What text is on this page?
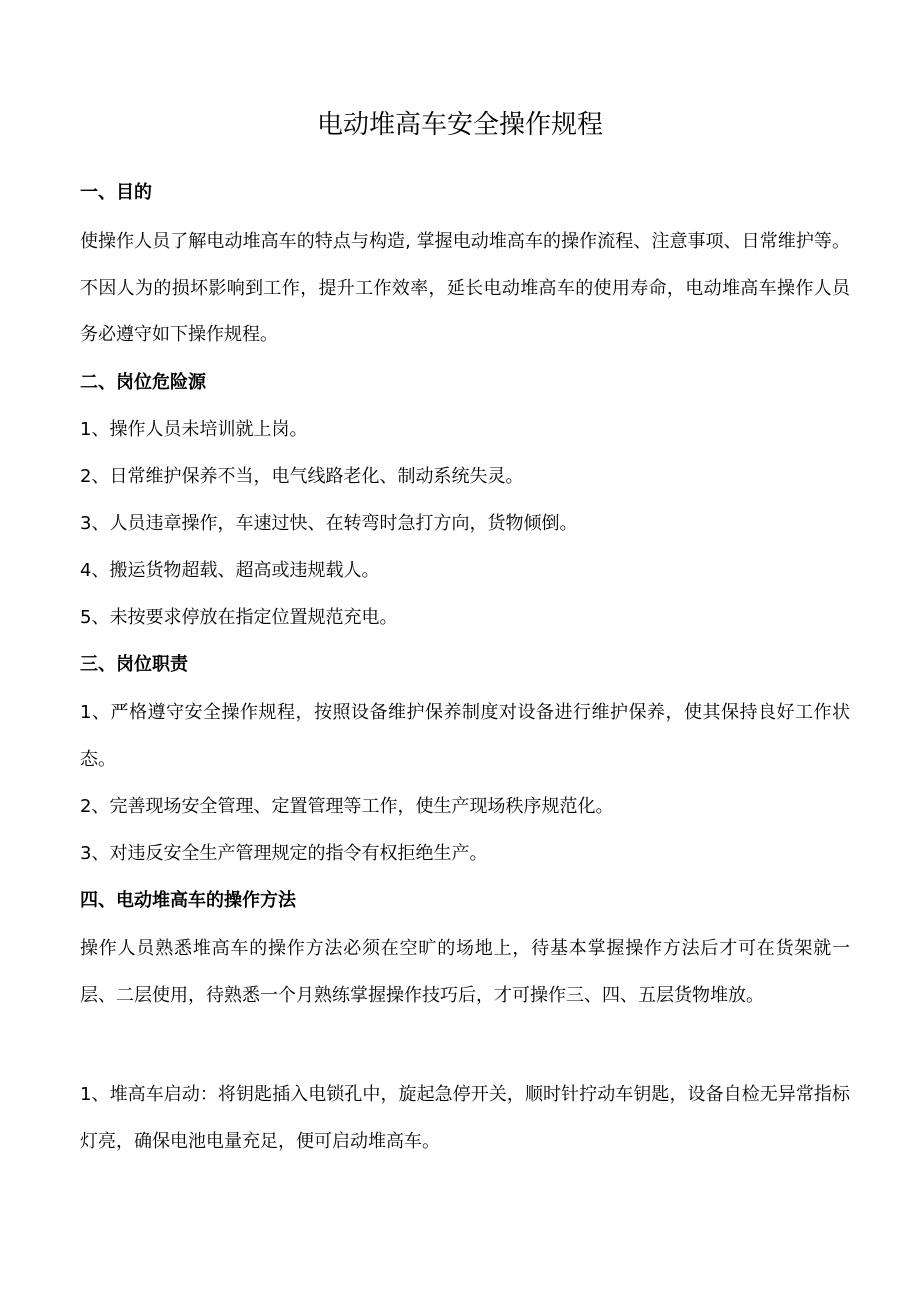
电动堆高车安全操作规程

一、目的

使操作人员了解电动堆高车的特点与构造, 掌握电动堆高车的操作流程、注意事项、日常维护等。不因人为的损坏影响到工作，提升工作效率，延长电动堆高车的使用寿命，电动堆高车操作人员务必遵守如下操作规程。

二、岗位危险源

1、操作人员未培训就上岗。

2、日常维护保养不当，电气线路老化、制动系统失灵。

3、人员违章操作，车速过快、在转弯时急打方向，货物倾倒。

4、搬运货物超载、超高或违规载人。

5、未按要求停放在指定位置规范充电。

三、岗位职责

1、严格遵守安全操作规程，按照设备维护保养制度对设备进行维护保养，使其保持良好工作状态。

2、完善现场安全管理、定置管理等工作，使生产现场秩序规范化。

3、对违反安全生产管理规定的指令有权拒绝生产。

四、电动堆高车的操作方法

操作人员熟悉堆高车的操作方法必须在空旷的场地上，待基本掌握操作方法后才可在货架就一层、二层使用，待熟悉一个月熟练掌握操作技巧后，才可操作三、四、五层货物堆放。

1、堆高车启动：将钥匙插入电锁孔中，旋起急停开关，顺时针拧动车钥匙，设备自检无异常指标灯亮，确保电池电量充足，便可启动堆高车。
